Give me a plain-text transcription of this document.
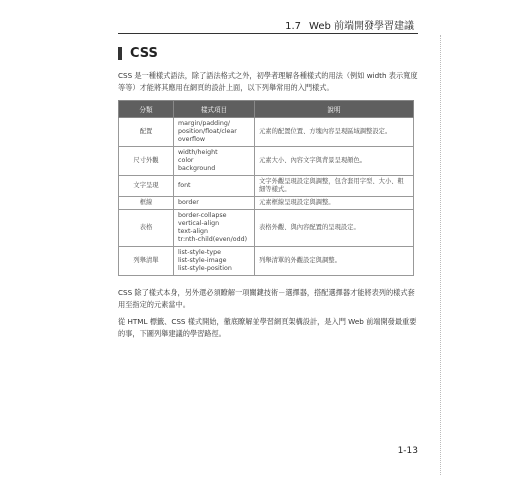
1.7 Web 前端開發學習建議
CSS
CSS 是一種樣式語法，除了語法格式之外，初學者理解各種樣式的用法（例如 width 表示寬度等等）才能將其應用在網頁的設計上面，以下列舉常用的入門樣式。
分類	樣式項目	說明
配置	margin/padding/
position/float/clear
overflow	元素的配置位置、方塊內容呈現區域調整設定。
尺寸外觀	width/height
color
background	元素大小、內容文字與背景呈現顏色。
文字呈現	font	文字外觀呈現設定與調整，包含套用字型、大小、粗細等樣式。
框線	border	元素框線呈現設定與調整。
表格	border-collapse
vertical-align
text-align
tr:nth-child(even/odd)	表格外觀、與內容配置的呈現設定。
列舉清單	list-style-type
list-style-image
list-style-position	列舉清單的外觀設定與調整。
CSS 除了樣式本身，另外還必須瞭解一項關鍵技術－選擇器，搭配選擇器才能將表列的樣式套用至指定的元素當中。
從 HTML 標籤、CSS 樣式開始，徹底瞭解並學習網頁架構設計，是入門 Web 前端開發最重要的事，下圖列舉建議的學習路徑。
1-13
